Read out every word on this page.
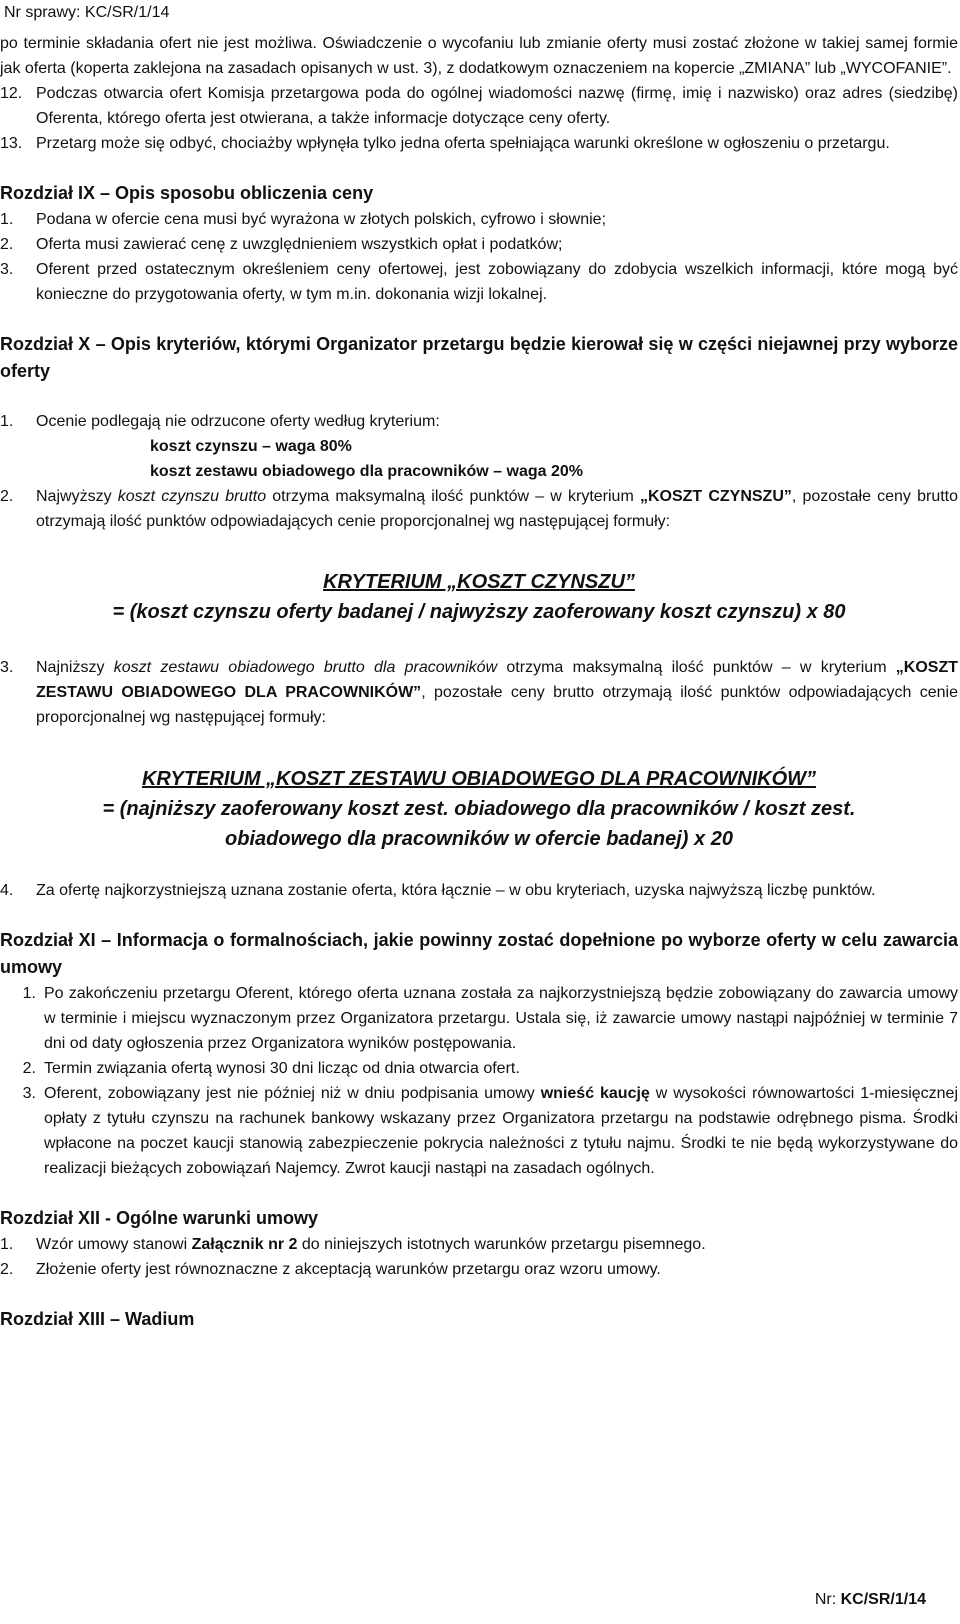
Nr sprawy: KC/SR/1/14

po terminie składania ofert nie jest możliwa. Oświadczenie o wycofaniu lub zmianie oferty musi zostać złożone w takiej samej formie jak oferta (koperta zaklejona na zasadach opisanych w ust. 3), z dodatkowym oznaczeniem na kopercie „ZMIANA” lub „WYCOFANIE”.

12. Podczas otwarcia ofert Komisja przetargowa poda do ogólnej wiadomości nazwę (firmę, imię i nazwisko) oraz adres (siedzibę) Oferenta, którego oferta jest otwierana, a także informacje dotyczące ceny oferty.
13. Przetarg może się odbyć, chociażby wpłynęła tylko jedna oferta spełniająca warunki określone w ogłoszeniu o przetargu.
Rozdział IX – Opis sposobu obliczenia ceny
1.	Podana w ofercie cena musi być wyrażona w złotych polskich, cyfrowo i słownie;
2.	Oferta musi zawierać cenę z uwzględnieniem wszystkich opłat i podatków;
3.	Oferent przed ostatecznym określeniem ceny ofertowej, jest zobowiązany do zdobycia wszelkich informacji, które mogą być konieczne do przygotowania oferty, w tym m.in. dokonania wizji lokalnej.
Rozdział X – Opis kryteriów, którymi Organizator przetargu będzie kierował się w części niejawnej przy wyborze oferty
1.	Ocenie podlegają nie odrzucone oferty według kryterium:
koszt czynszu – waga 80%
koszt zestawu obiadowego dla pracowników – waga 20%
2.	Najwyższy koszt czynszu brutto otrzyma maksymalną ilość punktów – w kryterium „KOSZT CZYNSZU”, pozostałe ceny brutto otrzymają ilość punktów odpowiadających cenie proporcjonalnej wg następującej formuły:
KRYTERIUM „KOSZT CZYNSZU”
= (koszt czynszu oferty badanej / najwyższy zaoferowany koszt czynszu) x 80
3.	Najniższy koszt zestawu obiadowego brutto dla pracowników otrzyma maksymalną ilość punktów – w kryterium „KOSZT ZESTAWU OBIADOWEGO DLA PRACOWNIKÓW”, pozostałe ceny brutto otrzymają ilość punktów odpowiadających cenie proporcjonalnej wg następującej formuły:
KRYTERIUM „KOSZT ZESTAWU OBIADOWEGO DLA PRACOWNIKÓW”
= (najniższy zaoferowany koszt zest. obiadowego dla pracowników / koszt zest.
obiadowego dla pracowników w ofercie badanej) x 20
4.	Za ofertę najkorzystniejszą uznana zostanie oferta, która łącznie – w obu kryteriach, uzyska najwyższą liczbę punktów.
Rozdział XI – Informacja o formalnościach, jakie powinny zostać dopełnione po wyborze oferty w celu zawarcia umowy
1. Po zakończeniu przetargu Oferent, którego oferta uznana została za najkorzystniejszą będzie zobowiązany do zawarcia umowy w terminie i miejscu wyznaczonym przez Organizatora przetargu. Ustala się, iż zawarcie umowy nastąpi najpóźniej w terminie 7 dni od daty ogłoszenia przez Organizatora wyników postępowania.
2. Termin związania ofertą wynosi 30 dni licząc od dnia otwarcia ofert.
3. Oferent, zobowiązany jest nie później niż w dniu podpisania umowy wnieść kaucję w wysokości równowartości 1-miesięcznej opłaty z tytułu czynszu na rachunek bankowy wskazany przez Organizatora przetargu na podstawie odrębnego pisma. Środki wpłacone na poczet kaucji stanowią zabezpieczenie pokrycia należności z tytułu najmu. Środki te nie będą wykorzystywane do realizacji bieżących zobowiązań Najemcy. Zwrot kaucji nastąpi na zasadach ogólnych.
Rozdział XII - Ogólne warunki umowy
1.	Wzór umowy stanowi Załącznik nr 2 do niniejszych istotnych warunków przetargu pisemnego.
2.	Złożenie oferty jest równoznaczne z akceptacją warunków przetargu oraz wzoru umowy.
Rozdział XIII – Wadium
Nr: KC/SR/1/14
